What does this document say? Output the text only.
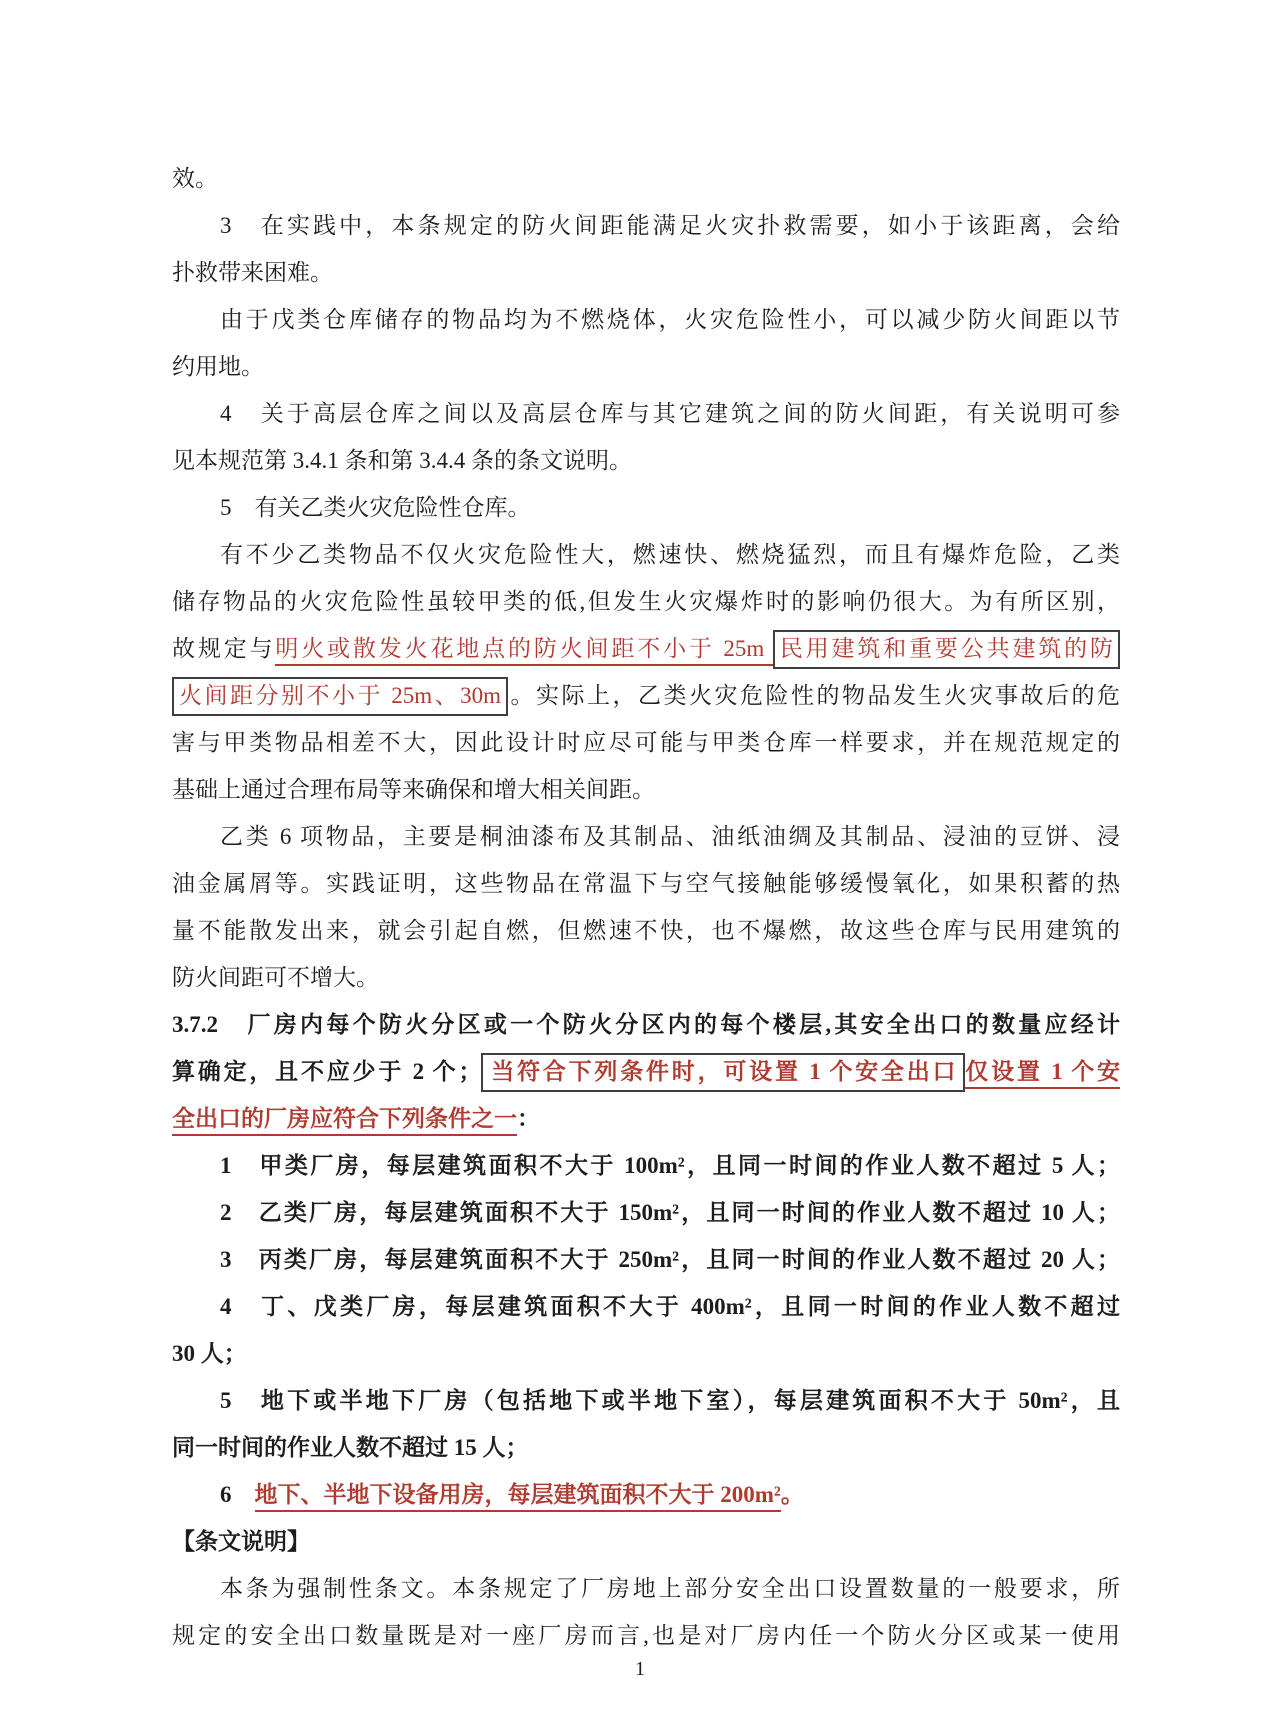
效。
3　在实践中，本条规定的防火间距能满足火灾扑救需要，如小于该距离，会给
扑救带来困难。
由于戊类仓库储存的物品均为不燃烧体，火灾危险性小，可以减少防火间距以节
约用地。
4　关于高层仓库之间以及高层仓库与其它建筑之间的防火间距，有关说明可参
见本规范第 3.4.1 条和第 3.4.4 条的条文说明。
5　有关乙类火灾危险性仓库。
有不少乙类物品不仅火灾危险性大，燃速快、燃烧猛烈，而且有爆炸危险，乙类
储存物品的火灾危险性虽较甲类的低,但发生火灾爆炸时的影响仍很大。为有所区别，
故规定与明火或散发火花地点的防火间距不小于 25m 民用建筑和重要公共建筑的防
火间距分别不小于 25m、30m 。实际上，乙类火灾危险性的物品发生火灾事故后的危
害与甲类物品相差不大，因此设计时应尽可能与甲类仓库一样要求，并在规范规定的
基础上通过合理布局等来确保和增大相关间距。
乙类 6 项物品，主要是桐油漆布及其制品、油纸油绸及其制品、浸油的豆饼、浸
油金属屑等。实践证明，这些物品在常温下与空气接触能够缓慢氧化，如果积蓄的热
量不能散发出来，就会引起自燃，但燃速不快，也不爆燃，故这些仓库与民用建筑的
防火间距可不增大。
3.7.2　厂房内每个防火分区或一个防火分区内的每个楼层,其安全出口的数量应经计
算确定，且不应少于 2 个； 当符合下列条件时，可设置 1 个安全出口 仅设置 1 个安
全出口的厂房应符合下列条件之一：
1　甲类厂房，每层建筑面积不大于 100m²，且同一时间的作业人数不超过 5 人；
2　乙类厂房，每层建筑面积不大于 150m²，且同一时间的作业人数不超过 10 人；
3　丙类厂房，每层建筑面积不大于 250m²，且同一时间的作业人数不超过 20 人；
4　丁、戊类厂房，每层建筑面积不大于 400m²，且同一时间的作业人数不超过
30 人；
5　地下或半地下厂房（包括地下或半地下室），每层建筑面积不大于 50m²，且
同一时间的作业人数不超过 15 人；
6　地下、半地下设备用房，每层建筑面积不大于 200m²。
【条文说明】
本条为强制性条文。本条规定了厂房地上部分安全出口设置数量的一般要求，所
规定的安全出口数量既是对一座厂房而言,也是对厂房内任一个防火分区或某一使用
1
